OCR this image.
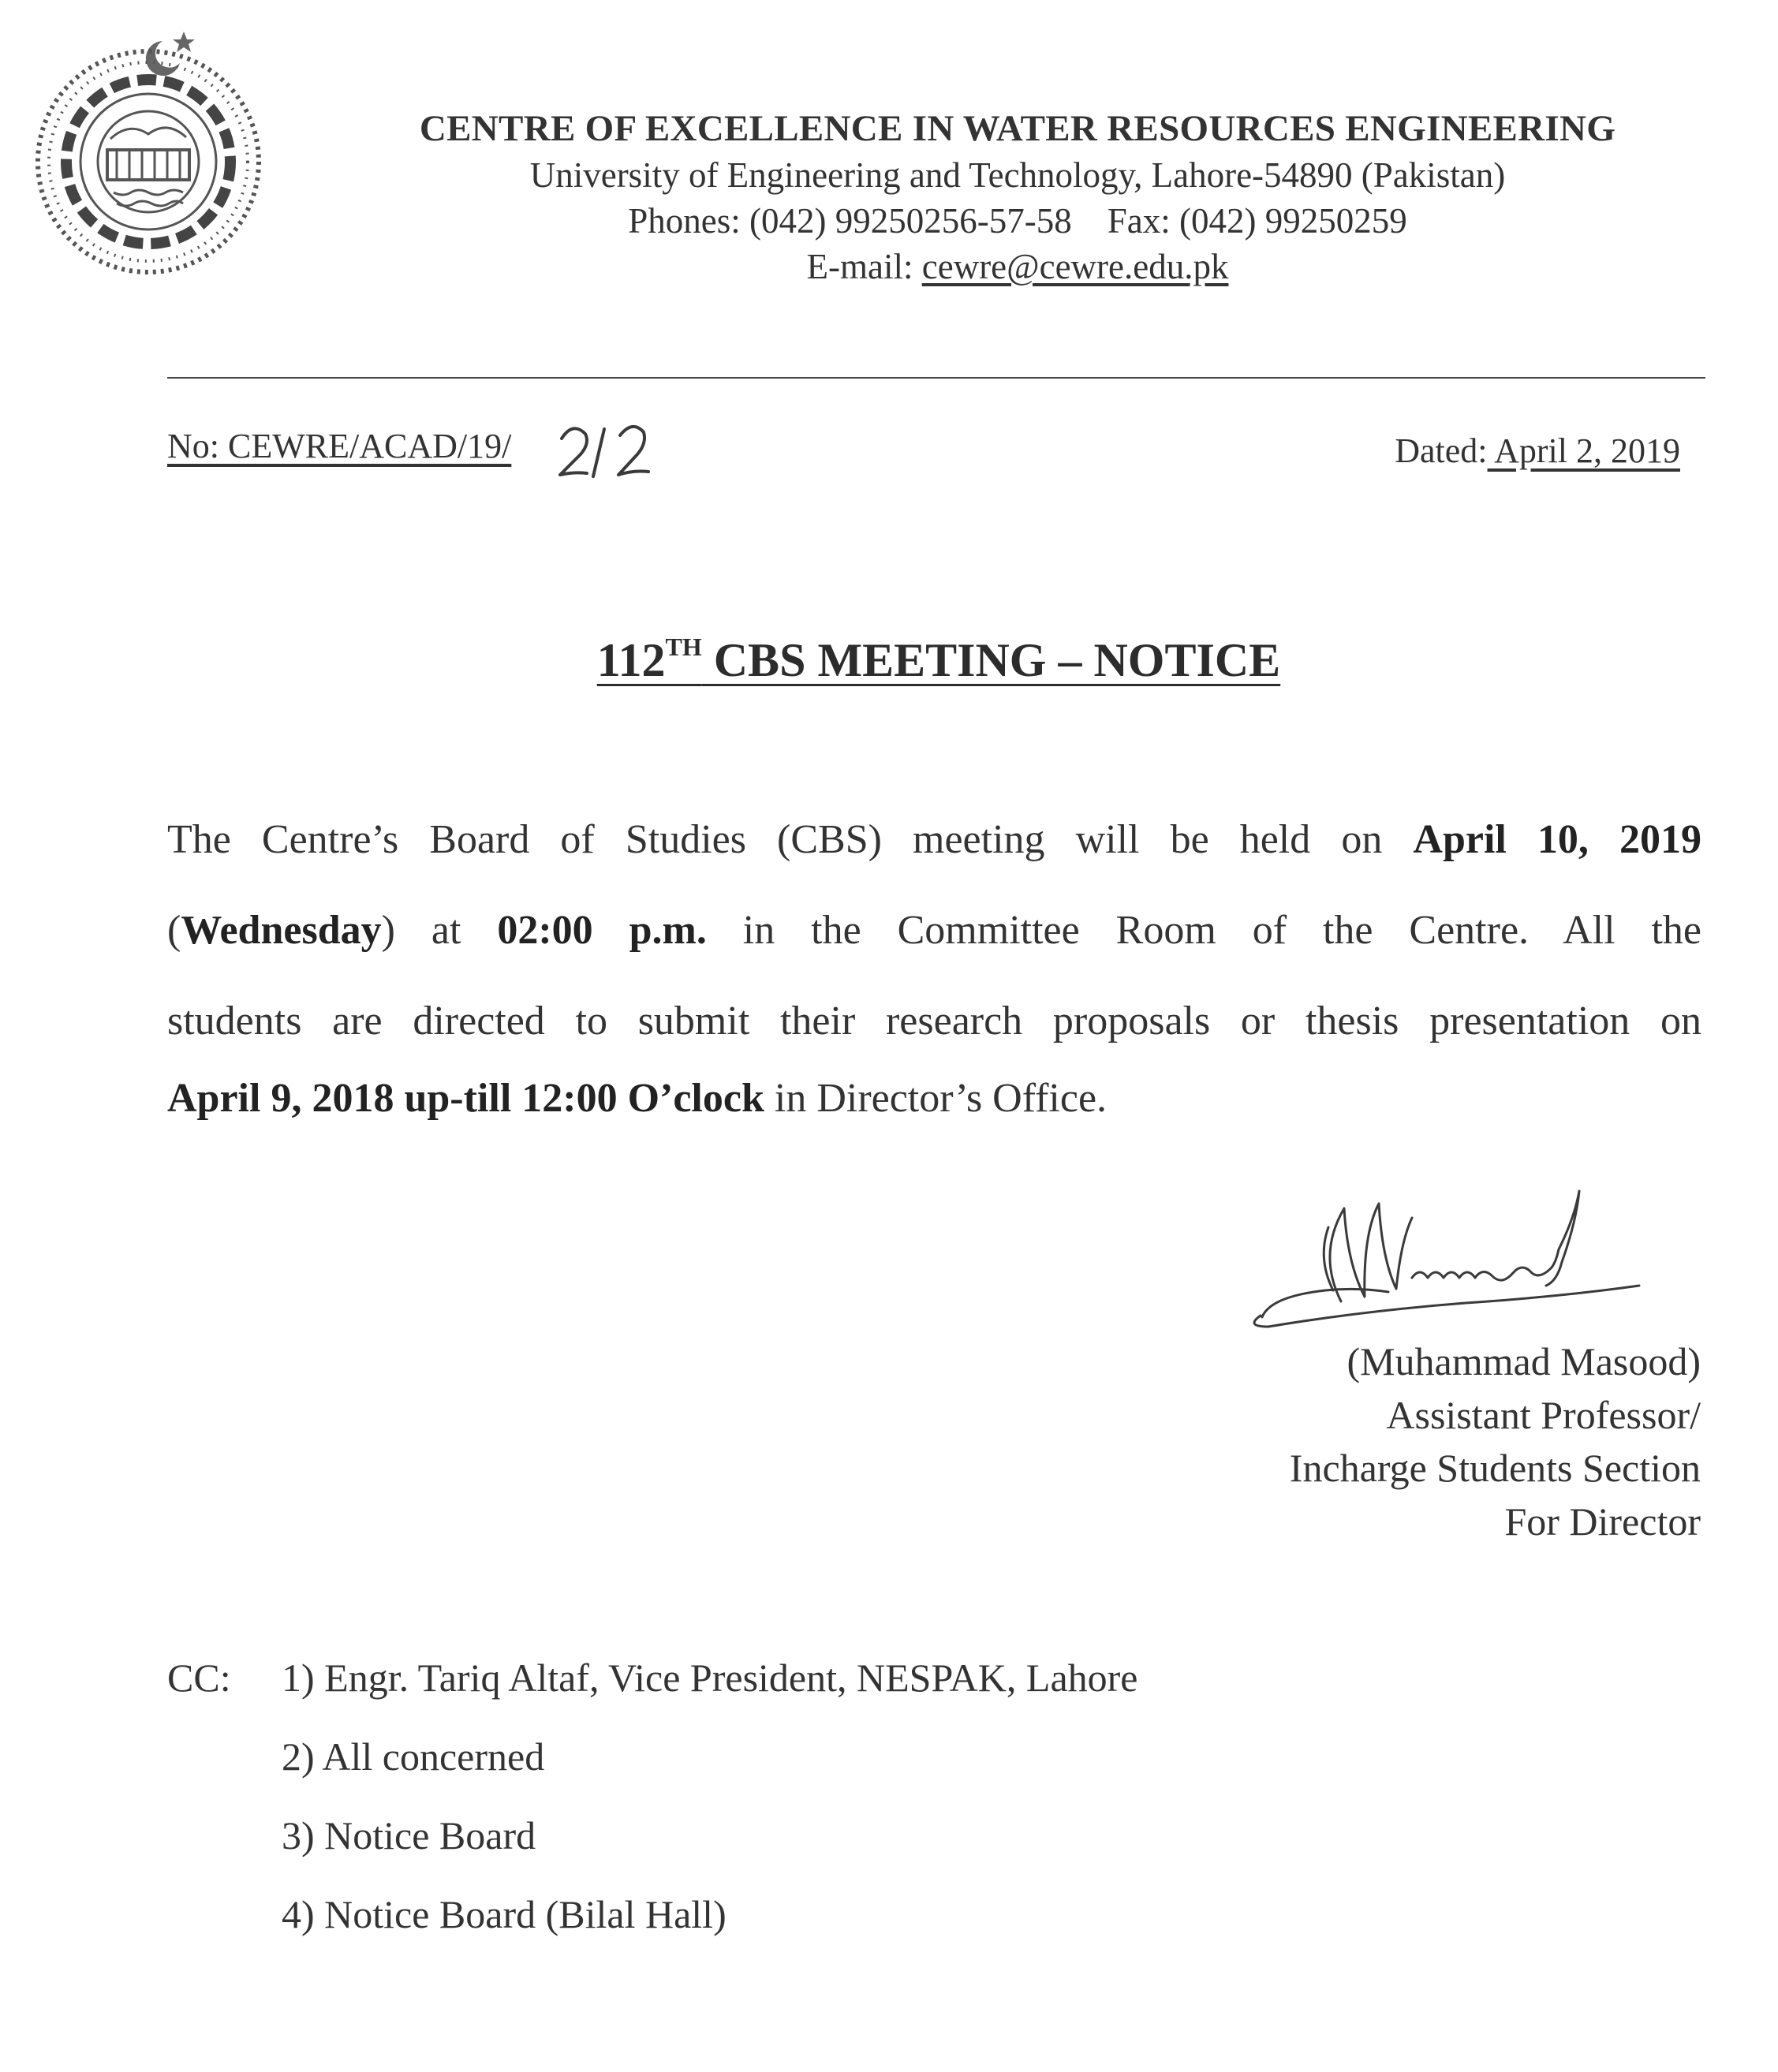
CENTRE OF EXCELLENCE IN WATER RESOURCES ENGINEERING
University of Engineering and Technology, Lahore-54890 (Pakistan)
Phones: (042) 99250256-57-58    Fax: (042) 99250259
E-mail: cewre@cewre.edu.pk
No: CEWRE/ACAD/19/	Dated: April 2, 2019
112TH CBS MEETING – NOTICE
The Centre’s Board of Studies (CBS) meeting will be held on April 10, 2019
(Wednesday) at 02:00 p.m. in the Committee Room of the Centre. All the
students are directed to submit their research proposals or thesis presentation on
April 9, 2018 up-till 12:00 O’clock in Director’s Office.
(Muhammad Masood)
Assistant Professor/
Incharge Students Section
For Director
CC: 1) Engr. Tariq Altaf, Vice President, NESPAK, Lahore
2) All concerned
3) Notice Board
4) Notice Board (Bilal Hall)
